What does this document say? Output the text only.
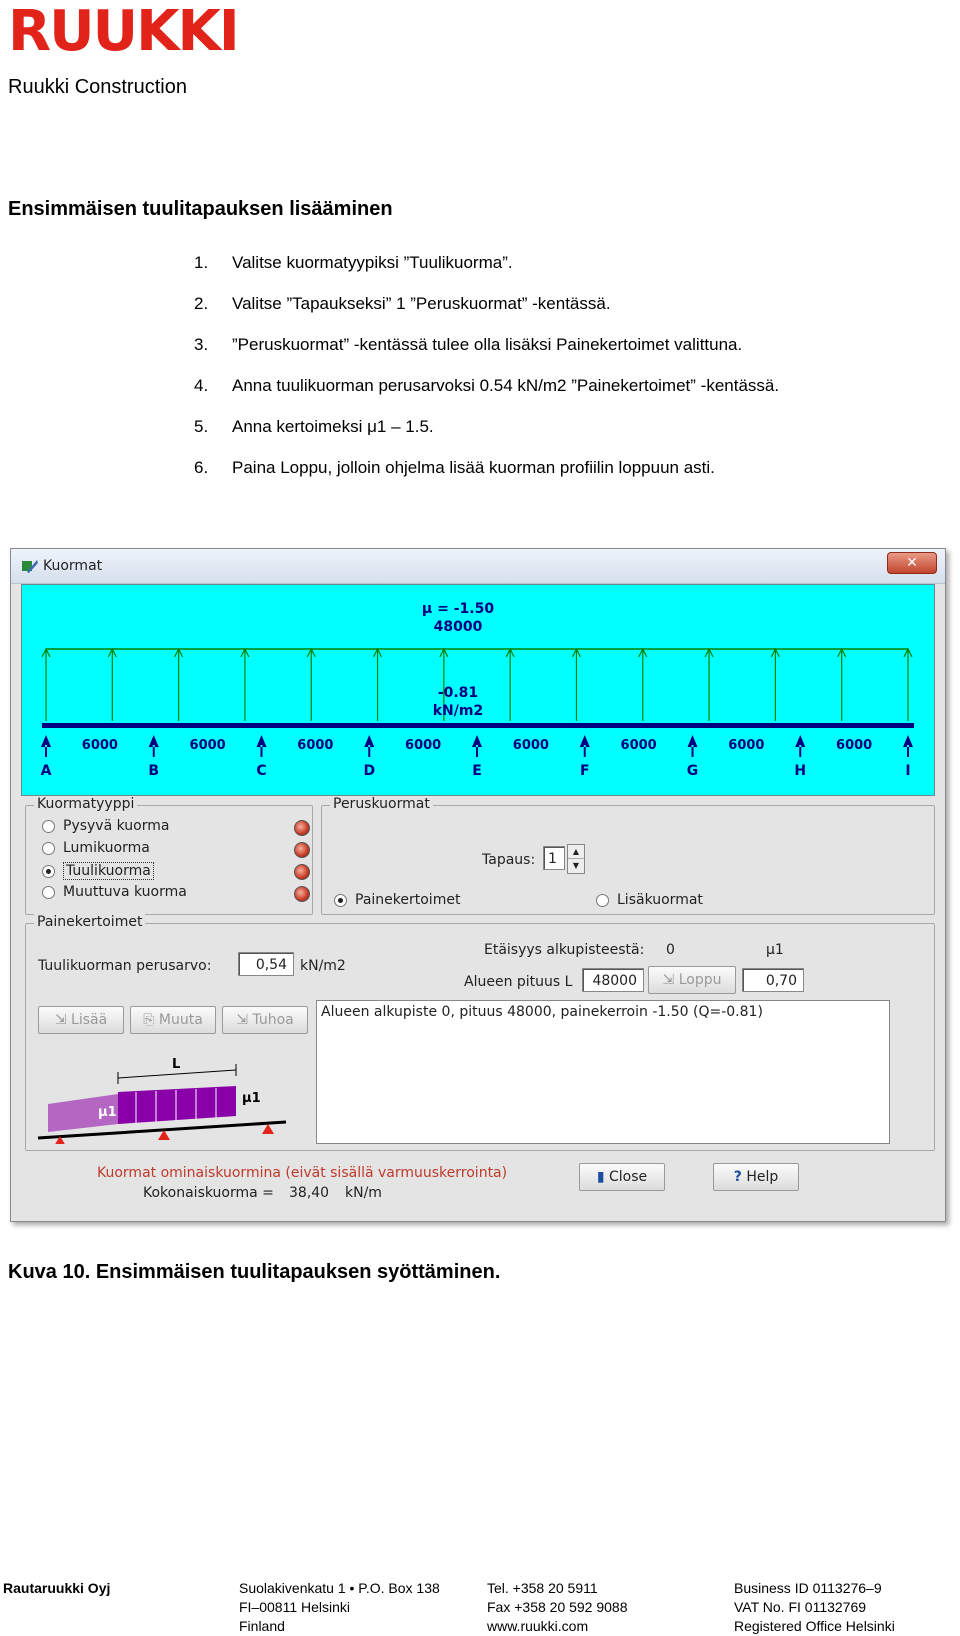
RUUKKI
Ruukki Construction
Ensimmäisen tuulitapauksen lisääminen
1.	Valitse kuormatyypiksi ”Tuulikuorma”.
2.	Valitse ”Tapaukseksi” 1 ”Peruskuormat” -kentässä.
3.	”Peruskuormat” -kentässä tulee olla lisäksi Painekertoimet valittuna.
4.	Anna tuulikuorman perusarvoksi 0.54 kN/m2 ”Painekertoimet” -kentässä.
5.	Anna kertoimeksi μ1 – 1.5.
6.	Paina Loppu, jolloin ohjelma lisää kuorman profiilin loppuun asti.
Kuormat	✕
μ = -1.50
48000
-0.81
kN/m2
A
6000
B
6000
C
6000
D
6000
E
6000
F
6000
G
6000
H
6000
I
Kuormatyyppi
Pysyvä kuorma
Lumikuorma
Tuulikuorma
Muuttuva kuorma
Peruskuormat
Tapaus: 1	▲
▼
Painekertoimet	Lisäkuormat
Painekertoimet
Tuulikuorman perusarvo:	0,54 kN/m2
Etäisyys alkupisteestä: 0	μ1
Alueen pituus L	48000	⇲ Loppu	0,70
⇲ Lisää	⎘ Muuta	⇲ Tuhoa	Alueen alkupiste 0, pituus 48000, painekerroin -1.50 (Q=-0.81)
L
μ1
μ1
Kuormat ominaiskuormina (eivät sisällä varmuuskerrointa)
Kokonaiskuorma = 38,40 kN/m
▮ Close	? Help
Kuva 10. Ensimmäisen tuulitapauksen syöttäminen.
Rautaruukki Oyj	Suolakivenkatu 1 • P.O. Box 138
FI–00811 Helsinki
Finland
Tel. +358 20 5911
Fax +358 20 592 9088
www.ruukki.com
Business ID 0113276–9
VAT No. FI 01132769
Registered Office Helsinki
